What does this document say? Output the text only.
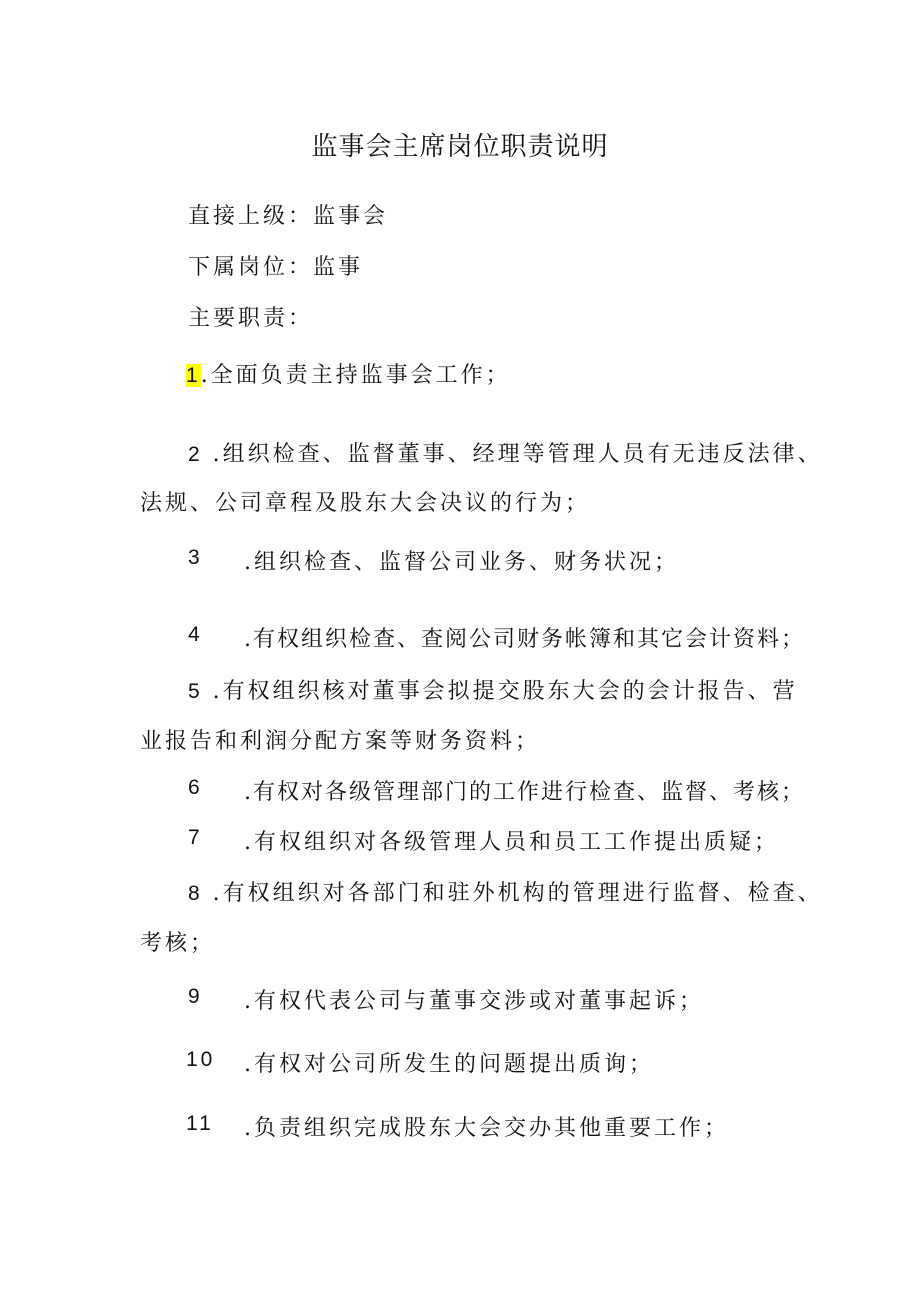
监事会主席岗位职责说明
直接上级：监事会
下属岗位：监事
主要职责：
1.全面负责主持监事会工作；
2 .组织检查、监督董事、经理等管理人员有无违反法律、
法规、公司章程及股东大会决议的行为；
3 .组织检查、监督公司业务、财务状况；
4 .有权组织检查、查阅公司财务帐簿和其它会计资料；
5 .有权组织核对董事会拟提交股东大会的会计报告、营
业报告和利润分配方案等财务资料；
6 .有权对各级管理部门的工作进行检查、监督、考核；
7 .有权组织对各级管理人员和员工工作提出质疑；
8 .有权组织对各部门和驻外机构的管理进行监督、检查、
考核；
9 .有权代表公司与董事交涉或对董事起诉；
10 .有权对公司所发生的问题提出质询；
11 .负责组织完成股东大会交办其他重要工作；
